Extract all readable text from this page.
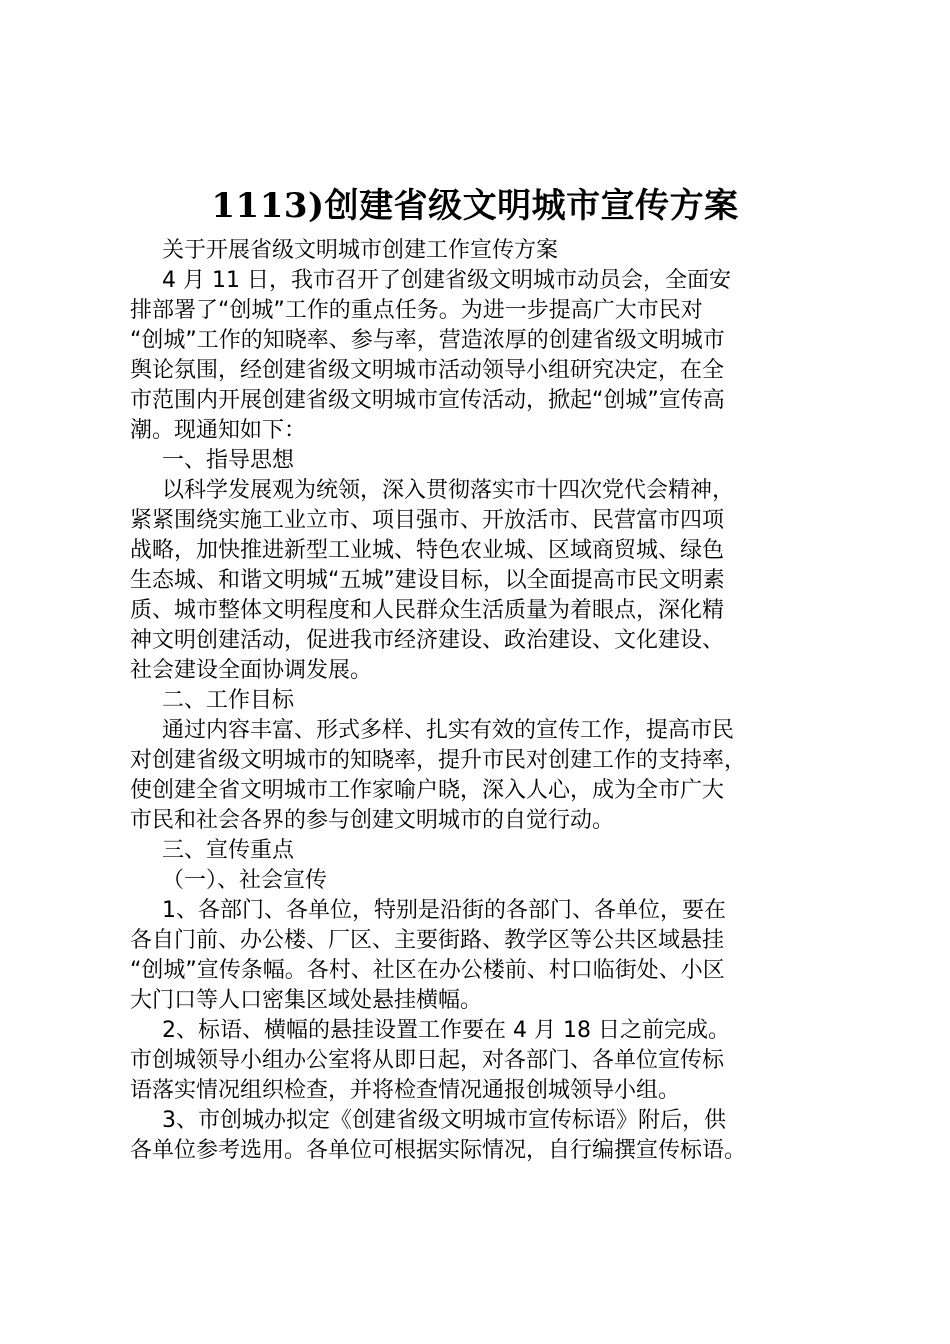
1113)创建省级文明城市宣传方案
关于开展省级文明城市创建工作宣传方案
4 月 11 日，我市召开了创建省级文明城市动员会，全面安
排部署了“创城”工作的重点任务。为进一步提高广大市民对
“创城”工作的知晓率、参与率，营造浓厚的创建省级文明城市
舆论氛围，经创建省级文明城市活动领导小组研究决定，在全
市范围内开展创建省级文明城市宣传活动，掀起“创城”宣传高
潮。现通知如下：
一、指导思想
以科学发展观为统领，深入贯彻落实市十四次党代会精神，
紧紧围绕实施工业立市、项目强市、开放活市、民营富市四项
战略，加快推进新型工业城、特色农业城、区域商贸城、绿色
生态城、和谐文明城“五城”建设目标，以全面提高市民文明素
质、城市整体文明程度和人民群众生活质量为着眼点，深化精
神文明创建活动，促进我市经济建设、政治建设、文化建设、
社会建设全面协调发展。
二、工作目标
通过内容丰富、形式多样、扎实有效的宣传工作，提高市民
对创建省级文明城市的知晓率，提升市民对创建工作的支持率，
使创建全省文明城市工作家喻户晓，深入人心，成为全市广大
市民和社会各界的参与创建文明城市的自觉行动。
三、宣传重点
（一）、社会宣传
1、各部门、各单位，特别是沿街的各部门、各单位，要在
各自门前、办公楼、厂区、主要街路、教学区等公共区域悬挂
“创城”宣传条幅。各村、社区在办公楼前、村口临街处、小区
大门口等人口密集区域处悬挂横幅。
2、标语、横幅的悬挂设置工作要在 4 月 18 日之前完成。
市创城领导小组办公室将从即日起，对各部门、各单位宣传标
语落实情况组织检查，并将检查情况通报创城领导小组。
3、市创城办拟定《创建省级文明城市宣传标语》附后，供
各单位参考选用。各单位可根据实际情况，自行编撰宣传标语。
